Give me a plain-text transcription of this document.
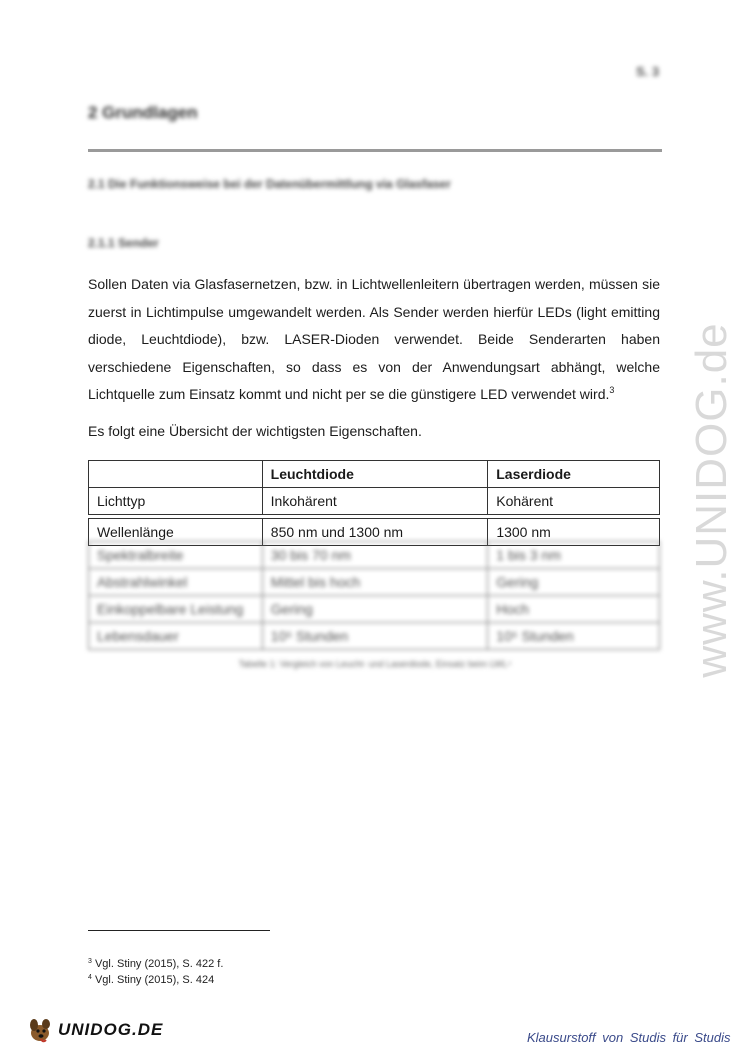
S. 3
2 Grundlagen
2.1 Die Funktionsweise bei der Datenübermittlung via Glasfaser
2.1.1 Sender

Sollen Daten via Glasfasernetzen, bzw. in Lichtwellenleitern übertragen werden, müssen sie zuerst in Lichtimpulse umgewandelt werden. Als Sender werden hierfür LEDs (light emitting diode, Leuchtdiode), bzw. LASER-Dioden verwendet. Beide Senderarten haben verschiedene Eigenschaften, so dass es von der Anwendungsart abhängt, welche Lichtquelle zum Einsatz kommt und nicht per se die günstigere LED verwendet wird.$^3$

Es folgt eine Übersicht der wichtigsten Eigenschaften.
	Leuchtdiode	Laserdiode
Lichttyp	Inkohärent	Kohärent
Wellenlänge	850 nm und 1300 nm	1300 nm
Spektralbreite	30 bis 70 nm	1 bis 3 nm
Abstrahlwinkel	Mittel bis hoch	Gering
Einkoppelbare Leistung	Gering	Hoch
Lebensdauer	10⁵ Stunden	10⁵ Stunden
Tabelle 1: Vergleich von Leucht- und Laserdiode, Einsatz beim LWL⁴
$^3$ Vgl. Stiny (2015), S. 422 f.
$^4$ Vgl. Stiny (2015), S. 424
www.UNIDOG.de
UNIDOG.DE	Klausurstoff von Studis für Studis
